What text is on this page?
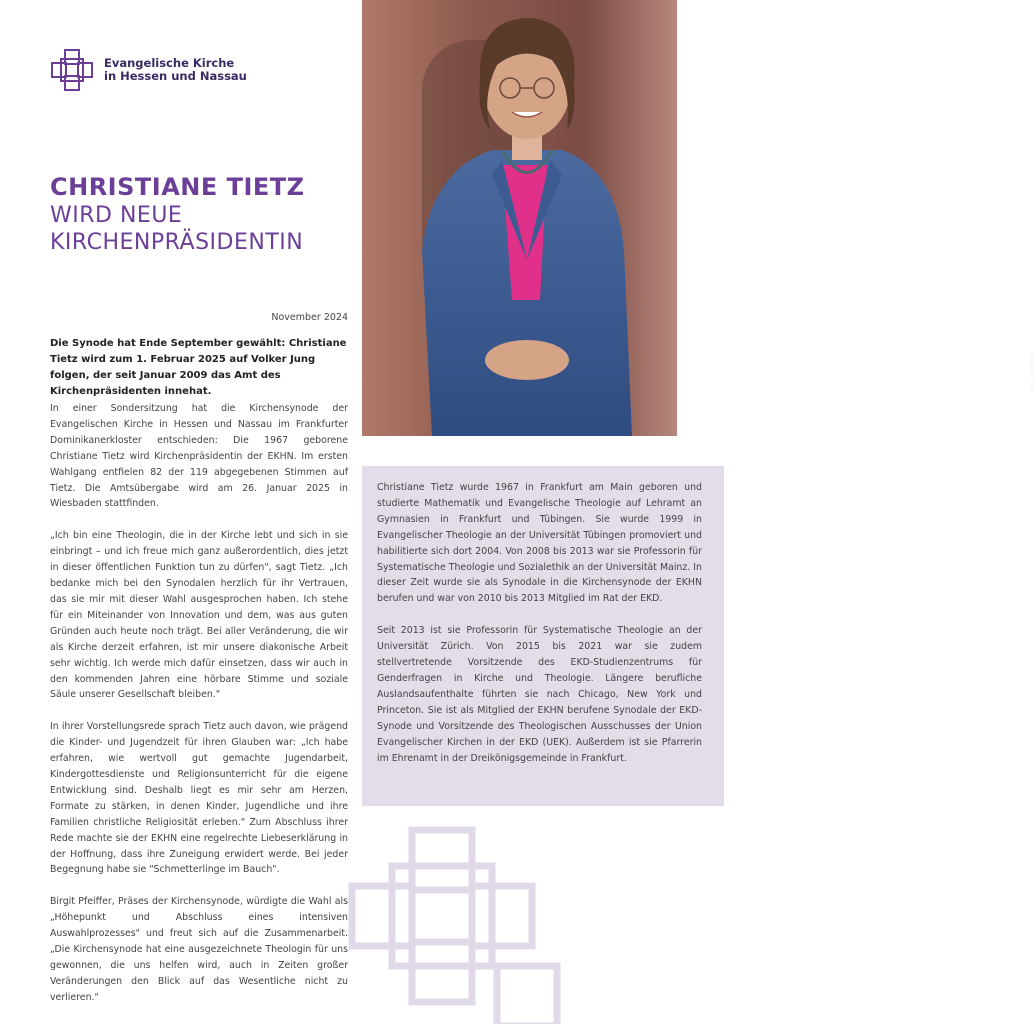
Evangelische Kirche
in Hessen und Nassau
CHRISTIANE TIETZ
WIRD NEUE
KIRCHENPRÄSIDENTIN
November 2024
Die Synode hat Ende September gewählt: Christiane Tietz wird zum 1. Februar 2025 auf Volker Jung folgen, der seit Januar 2009 das Amt des Kirchenpräsidenten innehat.

In einer Sondersitzung hat die Kirchensynode der Evangelischen Kirche in Hessen und Nassau im Frankfurter Dominikanerkloster entschieden: Die 1967 geborene Christiane Tietz wird Kirchenpräsidentin der EKHN. Im ersten Wahlgang entfielen 82 der 119 abgegebenen Stimmen auf Tietz. Die Amtsübergabe wird am 26. Januar 2025 in Wiesbaden stattfinden.

„Ich bin eine Theologin, die in der Kirche lebt und sich in sie einbringt – und ich freue mich ganz außerordentlich, dies jetzt in dieser öffentlichen Funktion tun zu dürfen", sagt Tietz. „Ich bedanke mich bei den Synodalen herzlich für ihr Vertrauen, das sie mir mit dieser Wahl ausgesprochen haben. Ich stehe für ein Miteinander von Innovation und dem, was aus guten Gründen auch heute noch trägt. Bei aller Veränderung, die wir als Kirche derzeit erfahren, ist mir unsere diakonische Arbeit sehr wichtig. Ich werde mich dafür einsetzen, dass wir auch in den kommenden Jahren eine hörbare Stimme und soziale Säule unserer Gesellschaft bleiben."

In ihrer Vorstellungsrede sprach Tietz auch davon, wie prägend die Kinder- und Jugendzeit für ihren Glauben war: „Ich habe erfahren, wie wertvoll gut gemachte Jugendarbeit, Kindergottesdienste und Religionsunterricht für die eigene Entwicklung sind. Deshalb liegt es mir sehr am Herzen, Formate zu stärken, in denen Kinder, Jugendliche und ihre Familien christliche Religiosität erleben." Zum Abschluss ihrer Rede machte sie der EKHN eine regelrechte Liebeserklärung in der Hoffnung, dass ihre Zuneigung erwidert werde. Bei jeder Begegnung habe sie "Schmetterlinge im Bauch".

Birgit Pfeiffer, Präses der Kirchensynode, würdigte die Wahl als „Höhepunkt und Abschluss eines intensiven Auswahlprozesses" und freut sich auf die Zusammenarbeit. „Die Kirchensynode hat eine ausgezeichnete Theologin für uns gewonnen, die uns helfen wird, auch in Zeiten großer Veränderungen den Blick auf das Wesentliche nicht zu verlieren."

Foto: © EKHN

Christiane Tietz wurde 1967 in Frankfurt am Main geboren und studierte Mathematik und Evangelische Theologie auf Lehramt an Gymnasien in Frankfurt und Tübingen. Sie wurde 1999 in Evangelischer Theologie an der Universität Tübingen promoviert und habilitierte sich dort 2004. Von 2008 bis 2013 war sie Professorin für Systematische Theologie und Sozialethik an der Universität Mainz. In dieser Zeit wurde sie als Synodale in die Kirchensynode der EKHN berufen und war von 2010 bis 2013 Mitglied im Rat der EKD.

Seit 2013 ist sie Professorin für Systematische Theologie an der Universität Zürich. Von 2015 bis 2021 war sie zudem stellvertretende Vorsitzende des EKD-Studienzentrums für Genderfragen in Kirche und Theologie. Längere berufliche Auslandsaufenthalte führten sie nach Chicago, New York und Princeton. Sie ist als Mitglied der EKHN berufene Synodale der EKD-Synode und Vorsitzende des Theologischen Ausschusses der Union Evangelischer Kirchen in der EKD (UEK). Außerdem ist sie Pfarrerin im Ehrenamt in der Dreikönigsgemeinde in Frankfurt.
